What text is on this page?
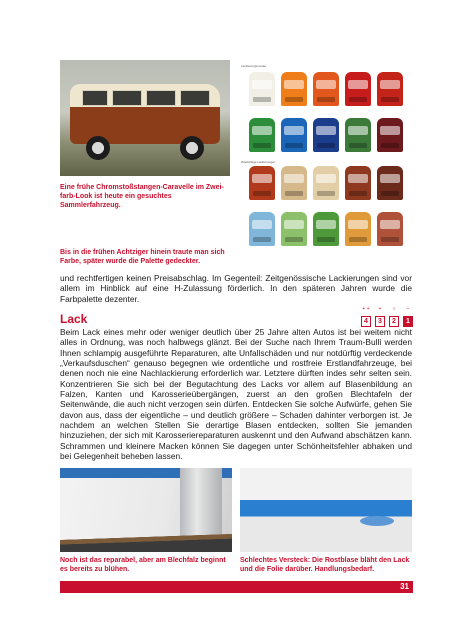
Eine frühe Chromstoßstangen-Caravelle im Zwei-farb-Look ist heute ein gesuchtes Sammlerfahrzeug.
Bis in die frühen Achtziger hinein traute man sich Farbe, später wurde die Palette gedeckter.
Lackierungsmuster
Zweifarbige Lackierungen
und rechtfertigen keinen Preisabschlag. Im Gegenteil: Zeitgenössische Lackierungen sind vor allem im Hinblick auf eine H-Zulassung förderlich. In den späteren Jahren wurde die Farbpalette dezenter.
Lack
+ +	+	○	–
4	3	2	1
Beim Lack eines mehr oder weniger deutlich über 25 Jahre alten Autos ist bei weitem nicht alles in Ordnung, was noch halbwegs glänzt. Bei der Suche nach Ihrem Traum-Bulli werden Ihnen schlampig ausgeführte Reparaturen, alte Unfallschäden und nur notdürftig verdeckende „Verkaufsduschen“ genauso begegnen wie ordentliche und rostfreie Erstlandfahrzeuge, bei denen noch nie eine Nachlackierung erforderlich war. Letztere dürften indes sehr selten sein. Konzentrieren Sie sich bei der Begutachtung des Lacks vor allem auf Blasenbildung an Falzen, Kanten und Karosserieübergängen, zuerst an den großen Blechtafeln der Seitenwände, die auch nicht verzogen sein dürfen. Entdecken Sie solche Aufwürfe, gehen Sie davon aus, dass der eigentliche – und deutlich größere – Schaden dahinter verborgen ist. Je nachdem an welchen Stellen Sie derartige Blasen entdecken, sollten Sie jemanden hinzuziehen, der sich mit Karosseriereparaturen auskennt und den Aufwand abschätzen kann. Schrammen und kleinere Macken können Sie dagegen unter Schönheitsfehler abhaken und bei Gelegenheit beheben lassen.
Noch ist das reparabel, aber am Blechfalz beginnt es bereits zu blühen.
Schlechtes Versteck: Die Rostblase bläht den Lack und die Folie darüber. Handlungsbedarf.
31
